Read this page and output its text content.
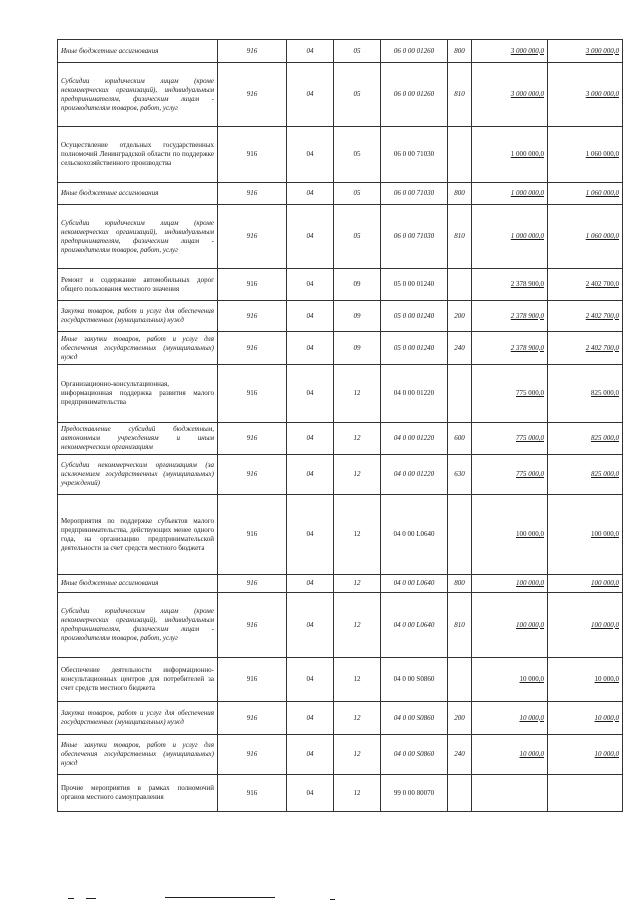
Иные бюджетные ассигнования	916	04	05	06 0 00 01260	800	3 000 000,0	3 000 000,0
Субсидии юридическим лицам (кроме некоммерческих организаций), индивидуальным предпринимателям, физическим лицам - производителям товаров, работ, услуг	916	04	05	06 0 00 01260	810	3 000 000,0	3 000 000,0
Осуществление отдельных государственных полномочий Ленинградской области по поддержке сельскохозяйственного производства	916	04	05	06 0 00 71030		1 000 000,0	1 060 000,0
Иные бюджетные ассигнования	916	04	05	06 0 00 71030	800	1 000 000,0	1 060 000,0
Субсидии юридическим лицам (кроме некоммерческих организаций), индивидуальным предпринимателям, физическим лицам - производителям товаров, работ, услуг	916	04	05	06 0 00 71030	810	1 000 000,0	1 060 000,0
Ремонт и содержание автомобильных дорог общего пользования местного значения	916	04	09	05 0 00 01240		2 378 900,0	2 402 700,0
Закупка товаров, работ и услуг для обеспечения государственных (муниципальных) нужд	916	04	09	05 0 00 01240	200	2 378 900,0	2 402 700,0
Иные закупки товаров, работ и услуг для обеспечения государственных (муниципальных) нужд	916	04	09	05 0 00 01240	240	2 378 900,0	2 402 700,0
Организационно-консультационная, информационная поддержка развития малого предпринимательства	916	04	12	04 0 00 01220		775 000,0	825 000,0
Предоставление субсидий бюджетным, автономным учреждениям и иным некоммерческим организациям	916	04	12	04 0 00 01220	600	775 000,0	825 000,0
Субсидии некоммерческим организациям (за исключением государственных (муниципальных) учреждений)	916	04	12	04 0 00 01220	630	775 000,0	825 000,0
Мероприятия по поддержке субъектов малого предпринимательства, действующих менее одного года, на организацию предпринимательской деятельности за счет средств местного бюджета	916	04	12	04 0 00 L0640		100 000,0	100 000,0
Иные бюджетные ассигнования	916	04	12	04 0 00 L0640	800	100 000,0	100 000,0
Субсидии юридическим лицам (кроме некоммерческих организаций), индивидуальным предпринимателям, физическим лицам - производителям товаров, работ, услуг	916	04	12	04 0 00 L0640	810	100 000,0	100 000,0
Обеспечение деятельности информационно-консультационных центров для потребителей за счет средств местного бюджета	916	04	12	04 0 00 S0860		10 000,0	10 000,0
Закупка товаров, работ и услуг для обеспечения государственных (муниципальных) нужд	916	04	12	04 0 00 S0860	200	10 000,0	10 000,0
Иные закупки товаров, работ и услуг для обеспечения государственных (муниципальных) нужд	916	04	12	04 0 00 S0860	240	10 000,0	10 000,0
Прочие мероприятия в рамках полномочий органов местного самоуправления	916	04	12	99 0 00 80070			
